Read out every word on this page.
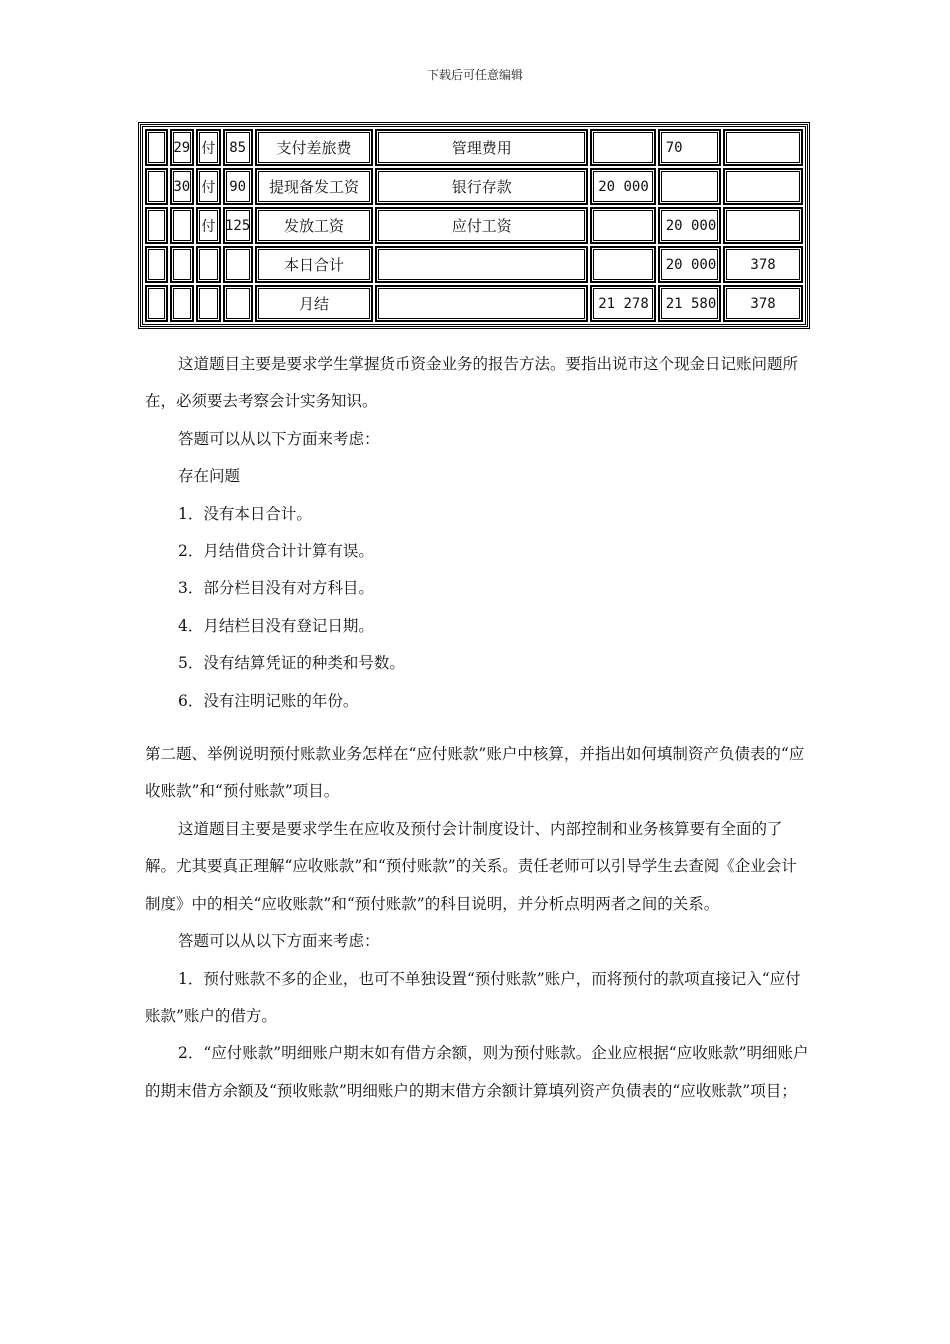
下载后可任意编辑
	29	付	85	支付差旅费	管理费用		70	
	30	付	90	提现备发工资	银行存款	20 000		
		付	125	发放工资	应付工资		20 000	
				本日合计			20 000	378
				月结		21 278	21 580	378

这道题目主要是要求学生掌握货币资金业务的报告方法。要指出说市这个现金日记账问题所在，必须要去考察会计实务知识。

答题可以从以下方面来考虑：

存在问题

1．没有本日合计。

2．月结借贷合计计算有误。

3．部分栏目没有对方科目。

4．月结栏目没有登记日期。

5．没有结算凭证的种类和号数。

6．没有注明记账的年份。

第二题、举例说明预付账款业务怎样在“应付账款”账户中核算，并指出如何填制资产负债表的“应收账款”和“预付账款”项目。

这道题目主要是要求学生在应收及预付会计制度设计、内部控制和业务核算要有全面的了解。尤其要真正理解“应收账款”和“预付账款”的关系。责任老师可以引导学生去查阅《企业会计制度》中的相关“应收账款”和“预付账款”的科目说明，并分析点明两者之间的关系。

答题可以从以下方面来考虑：

1．预付账款不多的企业，也可不单独设置“预付账款”账户，而将预付的款项直接记入“应付账款”账户的借方。

2．“应付账款”明细账户期末如有借方余额，则为预付账款。企业应根据“应收账款”明细账户的期末借方余额及“预收账款”明细账户的期末借方余额计算填列资产负债表的“应收账款”项目；
